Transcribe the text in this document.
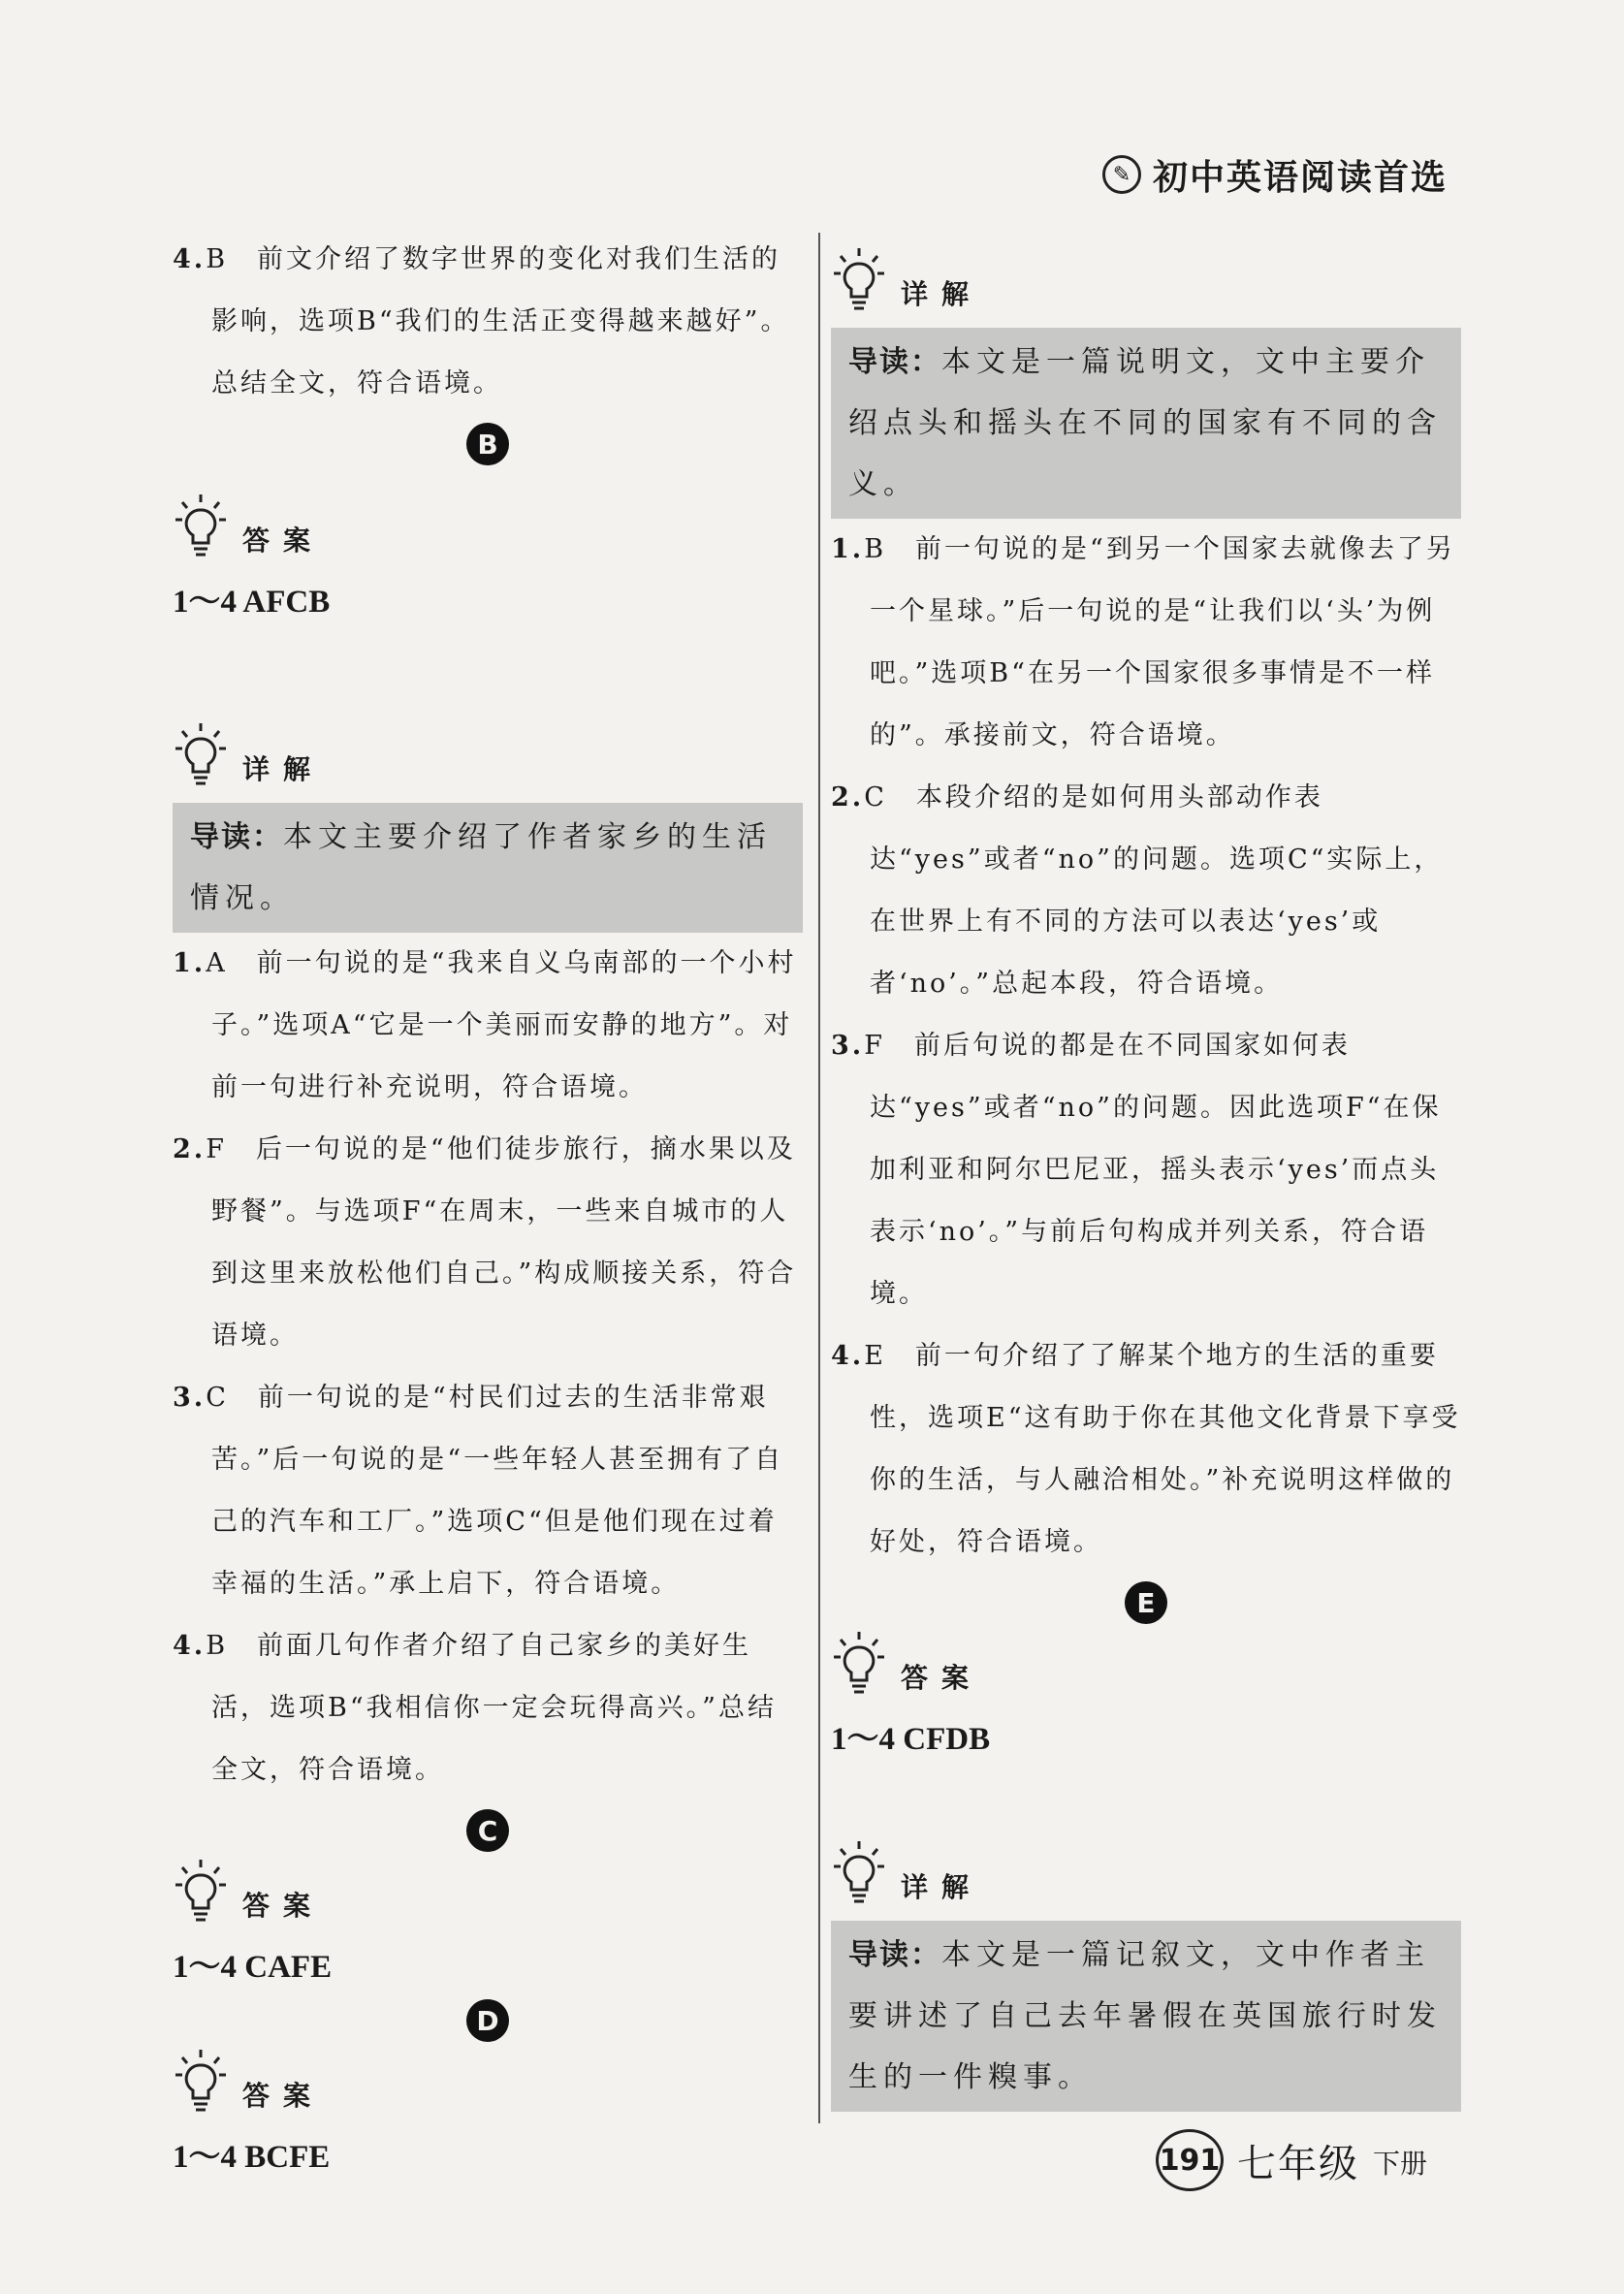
✎ 初中英语阅读首选

4.B　前文介绍了数字世界的变化对我们生活的影响，选项B“我们的生活正变得越来越好”。总结全文，符合语境。

B
答案

1～4 AFCB

详解
导读：本文主要介绍了作者家乡的生活情况。

1.A　前一句说的是“我来自义乌南部的一个小村子。”选项A“它是一个美丽而安静的地方”。对前一句进行补充说明，符合语境。

2.F　后一句说的是“他们徒步旅行，摘水果以及野餐”。与选项F“在周末，一些来自城市的人到这里来放松他们自己。”构成顺接关系，符合语境。

3.C　前一句说的是“村民们过去的生活非常艰苦。”后一句说的是“一些年轻人甚至拥有了自己的汽车和工厂。”选项C“但是他们现在过着幸福的生活。”承上启下，符合语境。

4.B　前面几句作者介绍了自己家乡的美好生活，选项B“我相信你一定会玩得高兴。”总结全文，符合语境。

C
答案

1～4 CAFE

D
答案

1～4 BCFE

详解
导读：本文是一篇说明文，文中主要介绍点头和摇头在不同的国家有不同的含义。

1.B　前一句说的是“到另一个国家去就像去了另一个星球。”后一句说的是“让我们以‘头’为例吧。”选项B“在另一个国家很多事情是不一样的”。承接前文，符合语境。

2.C　本段介绍的是如何用头部动作表达“yes”或者“no”的问题。选项C“实际上，在世界上有不同的方法可以表达‘yes’或者‘no’。”总起本段，符合语境。

3.F　前后句说的都是在不同国家如何表达“yes”或者“no”的问题。因此选项F“在保加利亚和阿尔巴尼亚，摇头表示‘yes’而点头表示‘no’。”与前后句构成并列关系，符合语境。

4.E　前一句介绍了了解某个地方的生活的重要性，选项E“这有助于你在其他文化背景下享受你的生活，与人融洽相处。”补充说明这样做的好处，符合语境。

E
答案

1～4 CFDB

详解
导读：本文是一篇记叙文，文中作者主要讲述了自己去年暑假在英国旅行时发生的一件糗事。
191 七年级 下册
